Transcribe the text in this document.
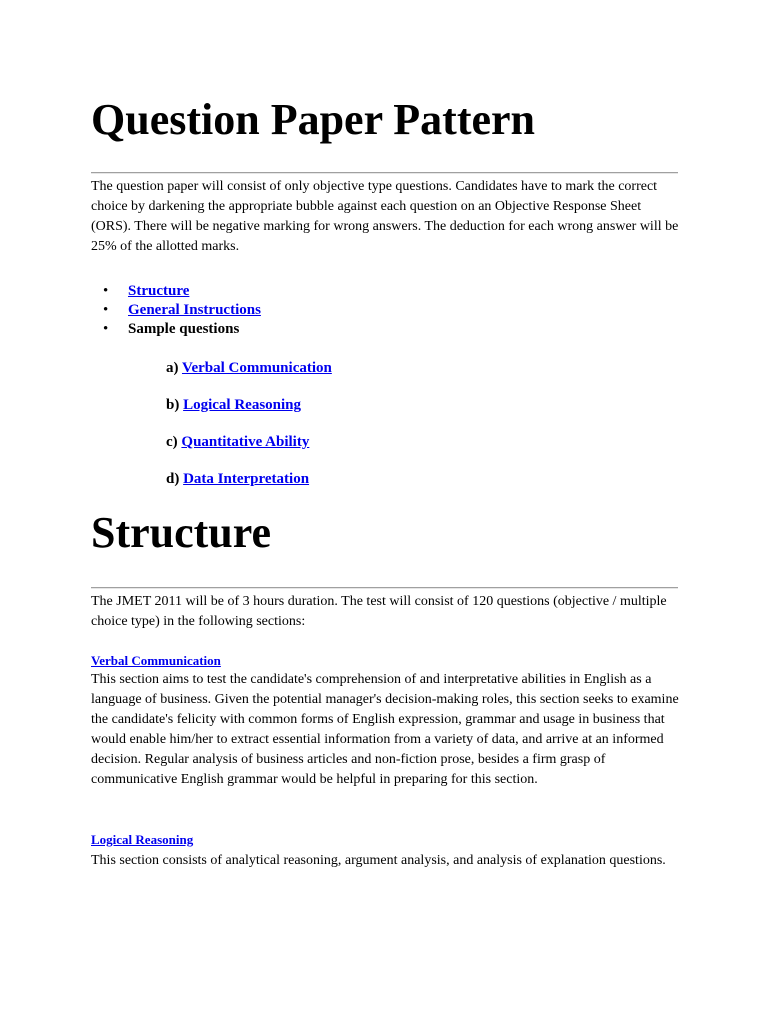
Question Paper Pattern

The question paper will consist of only objective type questions. Candidates have to mark the correct choice by darkening the appropriate bubble against each question on an Objective Response Sheet (ORS). There will be negative marking for wrong answers. The deduction for each wrong answer will be 25% of the allotted marks.

• Structure
• General Instructions
• Sample questions
a) Verbal Communication
b) Logical Reasoning
c) Quantitative Ability
d) Data Interpretation
Structure

The JMET 2011 will be of 3 hours duration. The test will consist of 120 questions (objective / multiple choice type) in the following sections:

Verbal Communication

This section aims to test the candidate's comprehension of and interpretative abilities in English as a language of business. Given the potential manager's decision-making roles, this section seeks to examine the candidate's felicity with common forms of English expression, grammar and usage in business that would enable him/her to extract essential information from a variety of data, and arrive at an informed decision. Regular analysis of business articles and non-fiction prose, besides a firm grasp of communicative English grammar would be helpful in preparing for this section.

Logical Reasoning

This section consists of analytical reasoning, argument analysis, and analysis of explanation questions.
